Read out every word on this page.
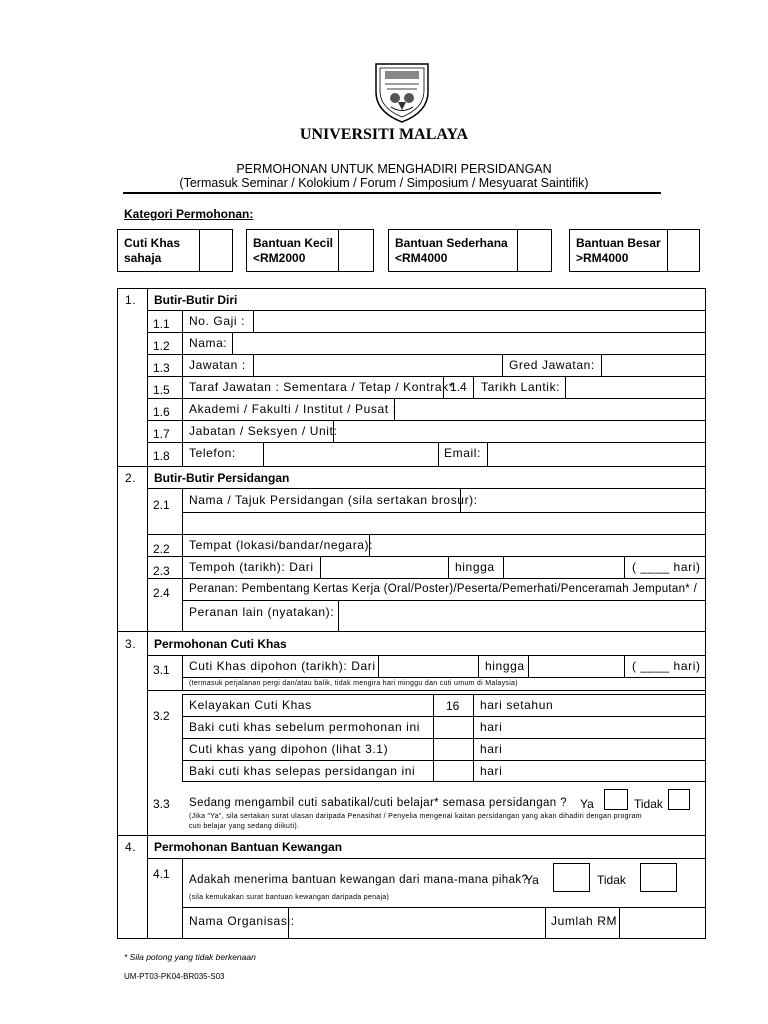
UNIVERSITI MALAYA
PERMOHONAN UNTUK MENGHADIRI PERSIDANGAN
(Termasuk Seminar / Kolokium / Forum / Simposium / Mesyuarat Saintifik)
Kategori Permohonan:
Cuti Khas
sahaja
Bantuan Kecil
<RM2000
Bantuan Sederhana
<RM4000
Bantuan Besar
>RM4000
1. Butir-Butir Diri
1.1 No. Gaji :
1.2 Nama:
1.3 Jawatan :	Gred Jawatan:
1.5 Taraf Jawatan : Sementara / Tetap / Kontrak*
1.4 Tarikh Lantik:
1.6 Akademi / Fakulti / Institut / Pusat :
1.7 Jabatan / Seksyen / Unit:
1.8 Telefon:	Email:
2. Butir-Butir Persidangan
2.1 Nama / Tajuk Persidangan (sila sertakan brosur):
2.2 Tempat (lokasi/bandar/negara):
2.3 Tempoh (tarikh): Dari	hingga	( ____ hari)
2.4 Peranan: Pembentang Kertas Kerja (Oral/Poster)/Peserta/Pemerhati/Penceramah Jemputan* /
Peranan lain (nyatakan):
3. Permohonan Cuti Khas
3.1 Cuti Khas dipohon (tarikh): Dari	hingga	( ____ hari)
(termasuk perjalanan pergi dan/atau balik, tidak mengira hari minggu dan cuti umum di Malaysia)
3.2
Kelayakan Cuti Khas	16 hari setahun
Baki cuti khas sebelum permohonan ini	hari
Cuti khas yang dipohon (lihat 3.1)	hari
Baki cuti khas selepas persidangan ini	hari
3.3 Sedang mengambil cuti sabatikal/cuti belajar* semasa persidangan ? Ya	Tidak
(Jika "Ya", sila sertakan surat ulasan daripada Penasihat / Penyelia mengenai kaitan persidangan yang akan dihadiri dengan program
cuti belajar yang sedang diikuti).
4. Permohonan Bantuan Kewangan
4.1 Adakah menerima bantuan kewangan dari mana-mana pihak?
Ya	Tidak
(sila kemukakan surat bantuan kewangan daripada penaja)
Nama Organisasi:	Jumlah RM
* Sila potong yang tidak berkenaan
UM-PT03-PK04-BR035-S03
